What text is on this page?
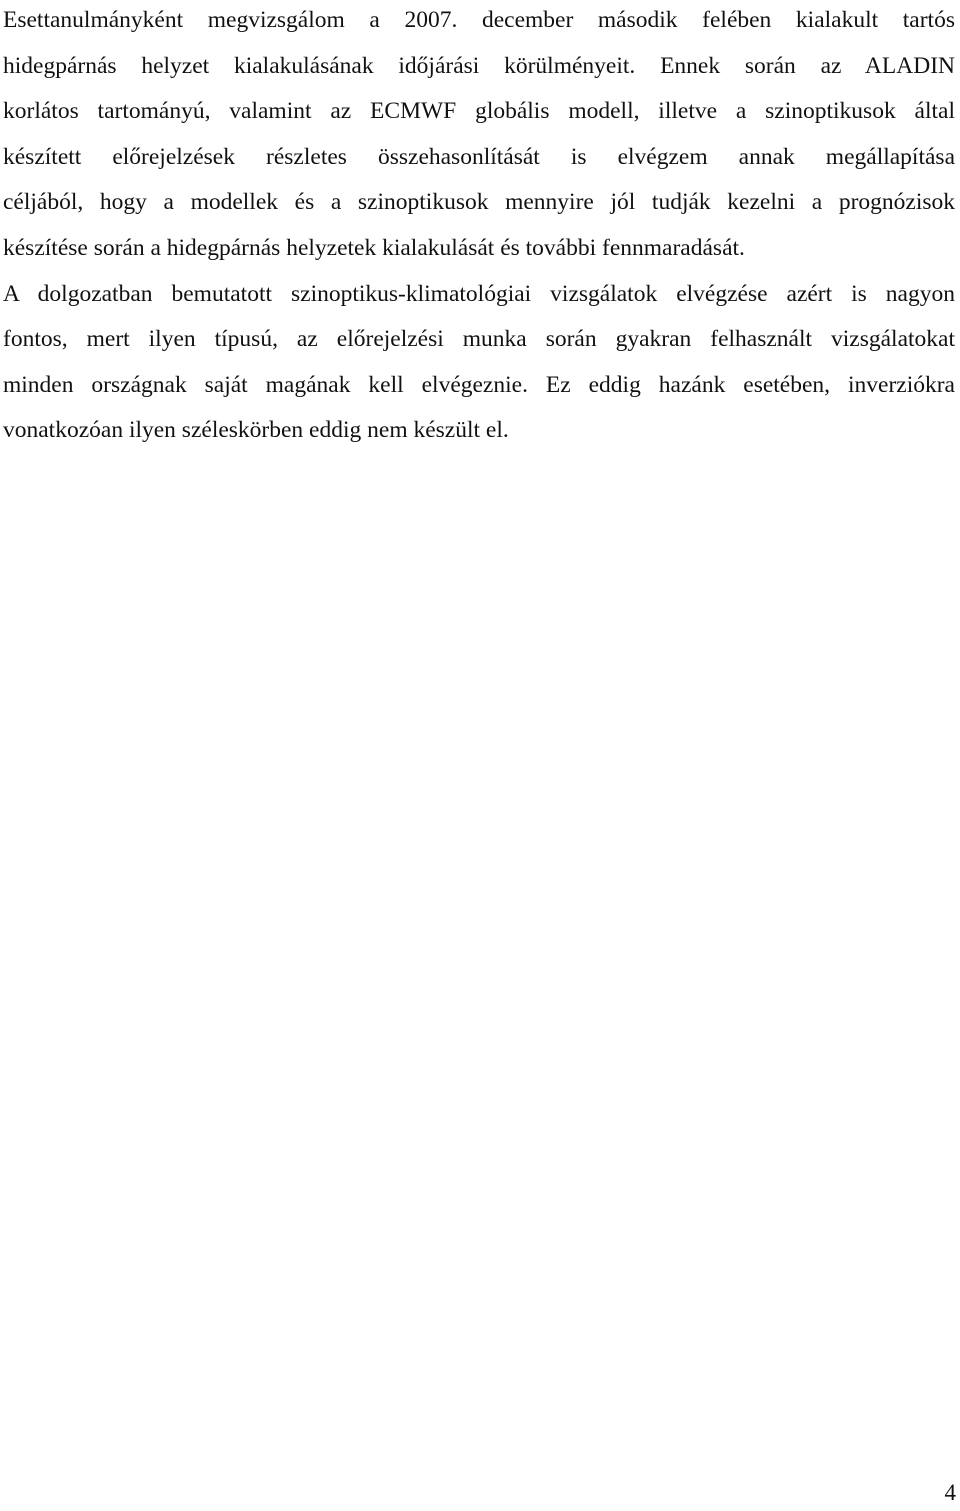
Esettanulmányként megvizsgálom a 2007. december második felében kialakult tartós
hidegpárnás helyzet kialakulásának időjárási körülményeit. Ennek során az ALADIN
korlátos tartományú, valamint az ECMWF globális modell, illetve a szinoptikusok által
készített előrejelzések részletes összehasonlítását is elvégzem annak megállapítása
céljából, hogy a modellek és a szinoptikusok mennyire jól tudják kezelni a prognózisok
készítése során a hidegpárnás helyzetek kialakulását és további fennmaradását.
A dolgozatban bemutatott szinoptikus-klimatológiai vizsgálatok elvégzése azért is nagyon
fontos, mert ilyen típusú, az előrejelzési munka során gyakran felhasznált vizsgálatokat
minden országnak saját magának kell elvégeznie. Ez eddig hazánk esetében, inverziókra
vonatkozóan ilyen széleskörben eddig nem készült el.
4
